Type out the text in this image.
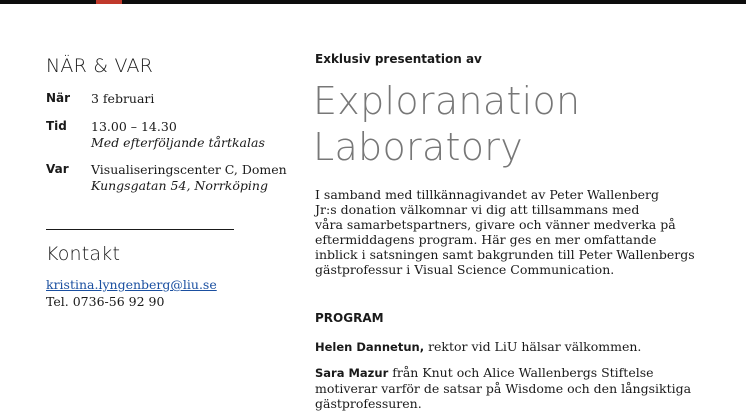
NÄR & VAR
När 3 februari
Tid 13.00 – 14.30
Med efterföljande tårtkalas
Var Visualiseringscenter C, Domen
Kungsgatan 54, Norrköping
Kontakt
kristina.lyngenberg@liu.se
Tel. 0736-56 92 90
Exklusiv presentation av
Exploranation
Laboratory

I samband med tillkännagivandet av Peter Wallenberg
Jr:s donation välkomnar vi dig att tillsammans med
våra samarbetspartners, givare och vänner medverka på
eftermiddagens program. Här ges en mer omfattande
inblick i satsningen samt bakgrunden till Peter Wallenbergs
gästprofessur i Visual Science Communication.

PROGRAM

Helen Dannetun, rektor vid LiU hälsar välkommen.

Sara Mazur från Knut och Alice Wallenbergs Stiftelse
motiverar varför de satsar på Wisdome och den långsiktiga
gästprofessuren.
